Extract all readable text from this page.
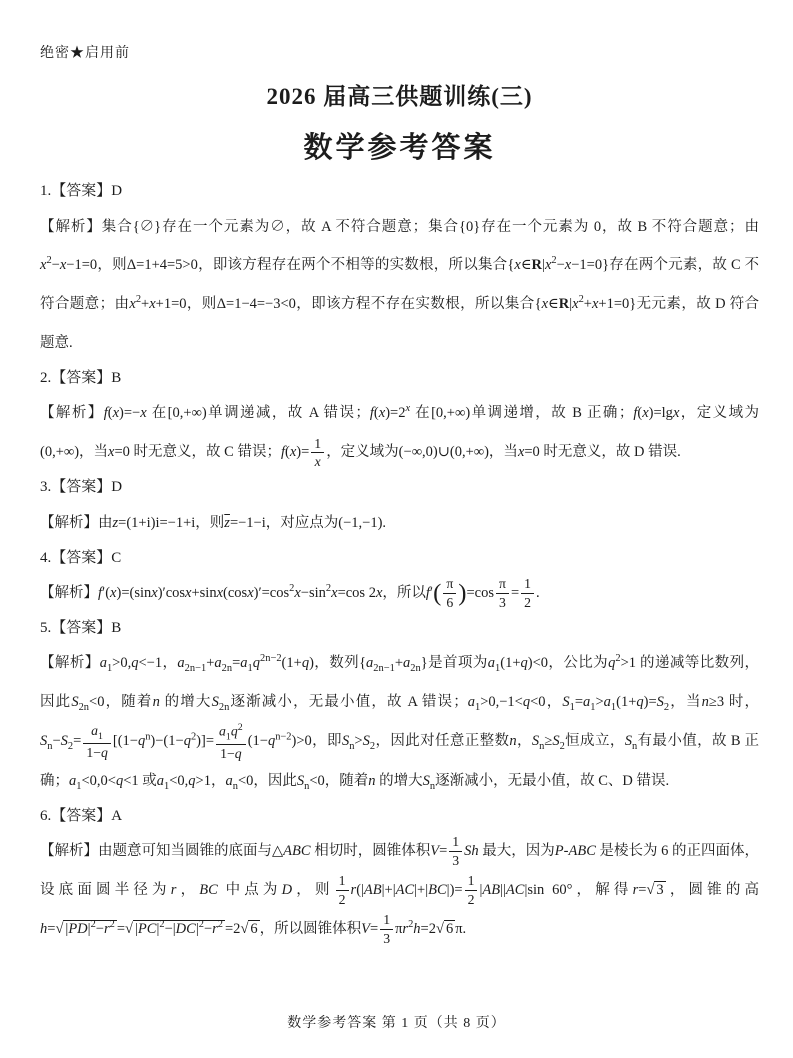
绝密★启用前
2026 届高三供题训练(三)
数学参考答案

1.【答案】D

【解析】集合{∅}存在一个元素为∅，故 A 不符合题意；集合{0}存在一个元素为 0，故 B 不符合题意；由$x^2-x-1=0$，则Δ=1+4=5>0，即该方程存在两个不相等的实数根，所以集合$\{x\in R|x^2-x-1=0\}$存在两个元素，故 C 不符合题意；由$x^2+x+1=0$，则Δ=1−4=−3<0，即该方程不存在实数根，所以集合$\{x\in R|x^2+x+1=0\}$无元素，故 D 符合题意.

2.【答案】B

【解析】f(x)=−x 在[0,+∞)单调递减，故 A 错误；$f(x)=2^x$ 在[0,+∞)单调递增，故 B 正确；f(x)=lgx，定义域为(0,+∞)，当x=0 时无意义，故 C 错误；$f(x)= \frac{1}{x}$ ，定义域为(−∞,0)∪(0,+∞)，当x=0 时无意义，故 D 错误.

3.【答案】D

【解析】由z=(1+i)i=−1+i，则$\overline{z}=-1-i$，对应点为(−1,−1).

4.【答案】C

【解析】$f'(x)=(\sin x)'\cos x+\sin x(\cos x)'=\cos^2x-\sin^2x=\cos$ 2x，所以$f'( \frac{\pi}{6} )=\cos \frac{\pi}{3} = \frac{1}{2}$ .

5.【答案】B

【解析】$a_1>0,q<-1$，$a_{2n-1}+a_{2n}=a_1q^{2n-2}(1+q)$，数列$\{a_{2n-1}+a_{2n}\}$是首项为$a_1(1+q)<0$，公比为$q^2>1$ 的递减等比数列，因此$S_{2n}<0$，随着n 的增大$S_{2n}$逐渐减小，无最小值，故 A 错误；$a_1>0,-1<q<0$，$S_1=a_1>a_1(1+q)=S_2$，当n≥3 时，$S_n-S_2= \frac{a_1}{1-q} [(1-q^n)-(1-q^2)]= \frac{a_1q^2}{1-q} (1-q^{n-2})>0$，即$S_n>S_2$，因此对任意正整数n，$S_n\ge S_2$恒成立，$S_n$有最小值，故 B 正确；$a_1<0,0<q<1$ 或$a_1<0,q>1$，$a_n<0$，因此$S_n<0$，随着n 的增大$S_n$逐渐减小，无最小值，故 C、D 错误.

6.【答案】A

【解析】由题意可知当圆锥的底面与△ABC 相切时，圆锥体积$V= \frac{1}{3}$ Sh 最大，因为P-ABC 是棱长为 6 的正四面体，设底面圆半径为r，BC 中点为D，则 $\frac{1}{2} r(|AB|+|AC|+|BC|)= \frac{1}{2} |AB||AC|\sin$ 60°，解得r= √ 3 ，圆锥的高 h= √ $|PD|^2-r^2$ = √ $|PC|^2-|DC|^2-r^2 =2$ √ 6 ，所以圆锥体积$V= \frac{1}{3} \pi r^2h=2$ √ 6 π.

数学参考答案 第 1 页（共 8 页）
